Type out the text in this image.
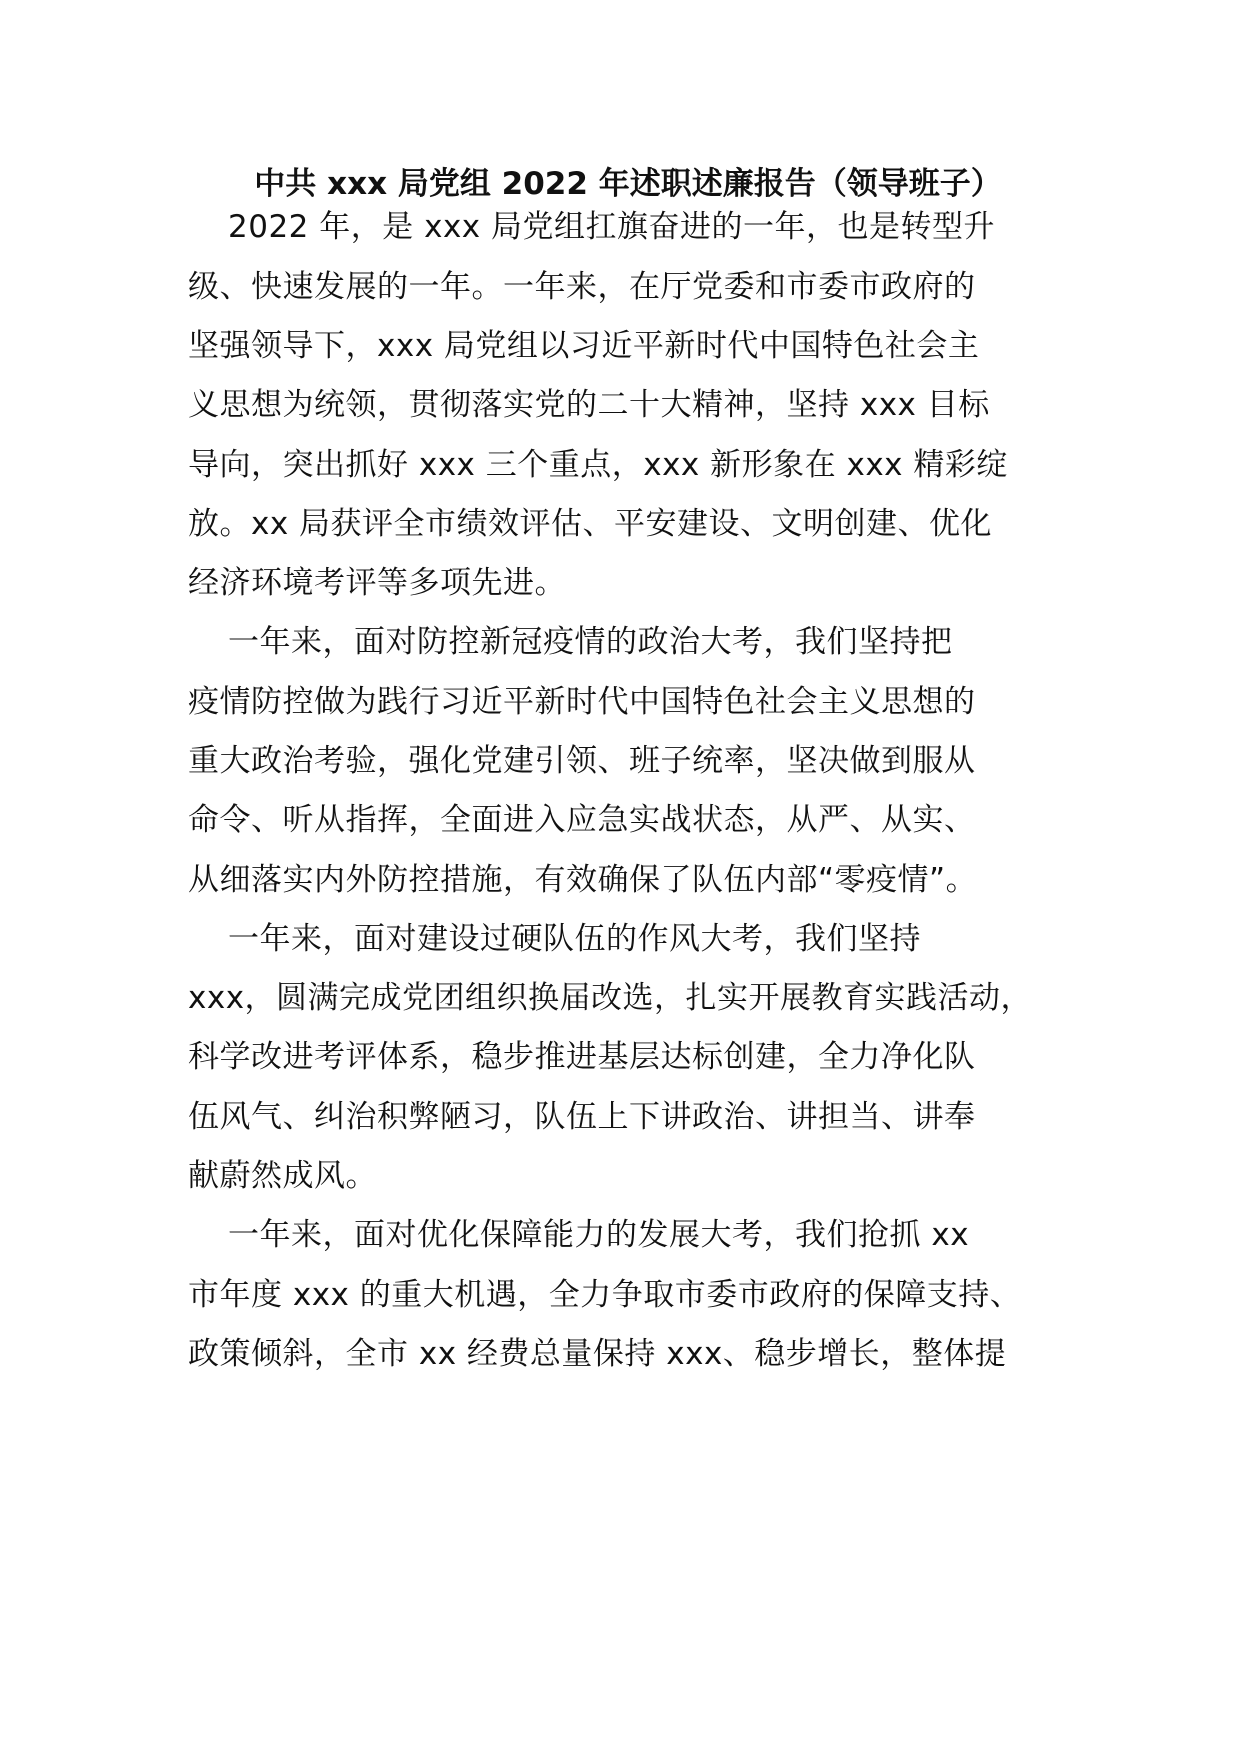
中共 xxx 局党组 2022 年述职述廉报告（领导班子）
2022 年，是 xxx 局党组扛旗奋进的一年，也是转型升
级、快速发展的一年。一年来，在厅党委和市委市政府的
坚强领导下，xxx 局党组以习近平新时代中国特色社会主
义思想为统领，贯彻落实党的二十大精神，坚持 xxx 目标
导向，突出抓好 xxx 三个重点，xxx 新形象在 xxx 精彩绽
放。xx 局获评全市绩效评估、平安建设、文明创建、优化
经济环境考评等多项先进。
一年来，面对防控新冠疫情的政治大考，我们坚持把
疫情防控做为践行习近平新时代中国特色社会主义思想的
重大政治考验，强化党建引领、班子统率，坚决做到服从
命令、听从指挥，全面进入应急实战状态，从严、从实、
从细落实内外防控措施，有效确保了队伍内部“零疫情”。
一年来，面对建设过硬队伍的作风大考，我们坚持
xxx，圆满完成党团组织换届改选，扎实开展教育实践活动，
科学改进考评体系，稳步推进基层达标创建，全力净化队
伍风气、纠治积弊陋习，队伍上下讲政治、讲担当、讲奉
献蔚然成风。
一年来，面对优化保障能力的发展大考，我们抢抓 xx
市年度 xxx 的重大机遇，全力争取市委市政府的保障支持、
政策倾斜，全市 xx 经费总量保持 xxx、稳步增长，整体提
